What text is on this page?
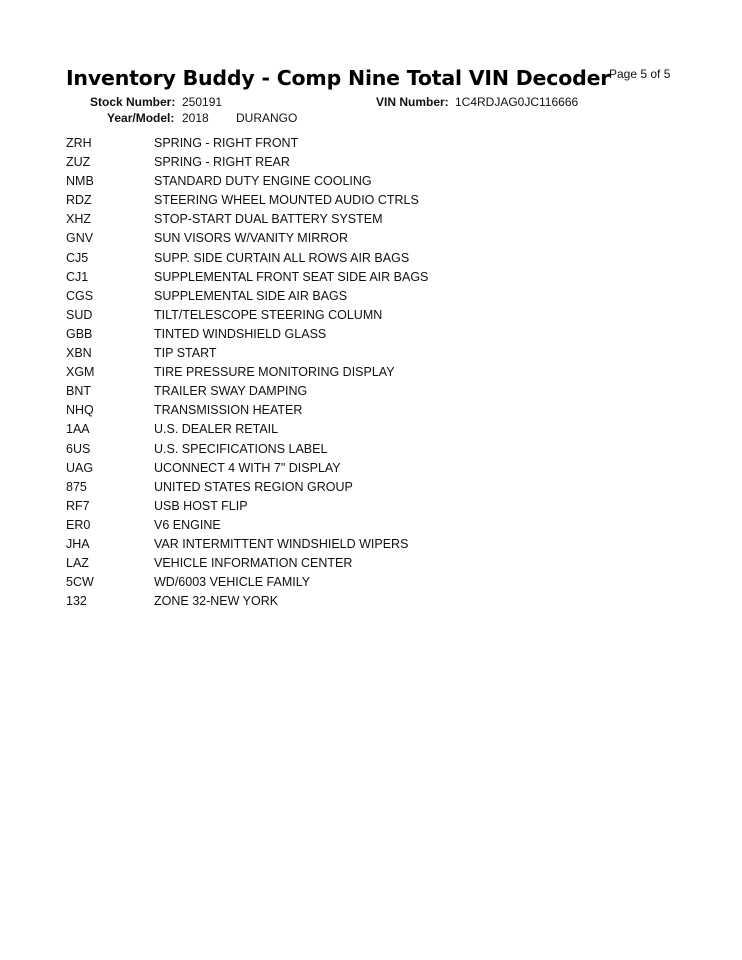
Inventory Buddy - Comp Nine Total VIN Decoder
Page 5 of 5
Stock Number: 250191	VIN Number: 1C4RDJAG0JC116666
Year/Model: 2018 DURANGO
ZRH	SPRING - RIGHT FRONT
ZUZ	SPRING - RIGHT REAR
NMB	STANDARD DUTY ENGINE COOLING
RDZ	STEERING WHEEL MOUNTED AUDIO CTRLS
XHZ	STOP-START DUAL BATTERY SYSTEM
GNV	SUN VISORS W/VANITY MIRROR
CJ5	SUPP. SIDE CURTAIN ALL ROWS AIR BAGS
CJ1	SUPPLEMENTAL FRONT SEAT SIDE AIR BAGS
CGS	SUPPLEMENTAL SIDE AIR BAGS
SUD	TILT/TELESCOPE STEERING COLUMN
GBB	TINTED WINDSHIELD GLASS
XBN	TIP START
XGM	TIRE PRESSURE MONITORING DISPLAY
BNT	TRAILER SWAY DAMPING
NHQ	TRANSMISSION HEATER
1AA	U.S. DEALER RETAIL
6US	U.S. SPECIFICATIONS LABEL
UAG	UCONNECT 4 WITH 7" DISPLAY
875	UNITED STATES REGION GROUP
RF7	USB HOST FLIP
ER0	V6 ENGINE
JHA	VAR INTERMITTENT WINDSHIELD WIPERS
LAZ	VEHICLE INFORMATION CENTER
5CW	WD/6003 VEHICLE FAMILY
132	ZONE 32-NEW YORK
